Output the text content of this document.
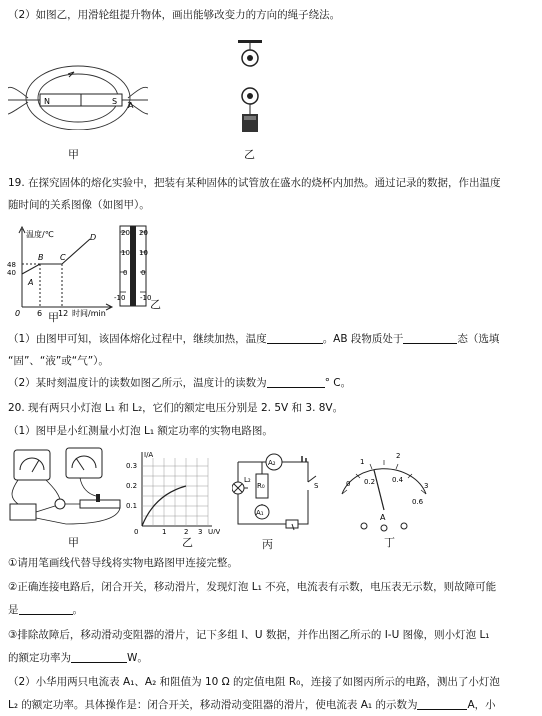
（2）如图乙，用滑轮组提升物体，画出能够改变力的方向的绳子绕法。
N	S A
甲	乙
19. 在探究固体的熔化实验中，把装有某种固体的试管放在盛水的烧杯内加热。通过记录的数据，作出温度
随时间的关系图像（如图甲）。
温度/℃
48
40
A
B C
D
0 6 12 时间/min
甲
20 20
10 10
0 0
-10 -10
乙
（1）由图甲可知，该固体熔化过程中，继续加热，温度	。AB 段物质处于	态（选填
“固”、“液”或“气”）。
（2）某时刻温度计的读数如图乙所示，温度计的读数为	° C。
20. 现有两只小灯泡 L₁ 和 L₂，它们的额定电压分别是 2. 5V 和 3. 8V。
（1）图甲是小红测量小灯泡 L₁ 额定功率的实物电路图。
甲
I/A
U/V
0.3
0.2
0.1
0	1	2 3
乙
A₂
L₂
R₀	S
A₁
丙
1
2
3
0 0.2 0.4
0.6
A
丁
①请用笔画线代替导线将实物电路图甲连接完整。
②正确连接电路后，闭合开关，移动滑片，发现灯泡 L₁ 不亮，电流表有示数，电压表无示数，则故障可能
是	。
③排除故障后，移动滑动变阻器的滑片，记下多组 I、U 数据，并作出图乙所示的 I-U 图像，则小灯泡 L₁
的额定功率为	W。
（2）小华用两只电流表 A₁、A₂ 和阻值为 10 Ω 的定值电阻 R₀，连接了如图丙所示的电路，测出了小灯泡
L₂ 的额定功率。具体操作是：闭合开关，移动滑动变阻器的滑片，使电流表 A₁ 的示数为	A，小
